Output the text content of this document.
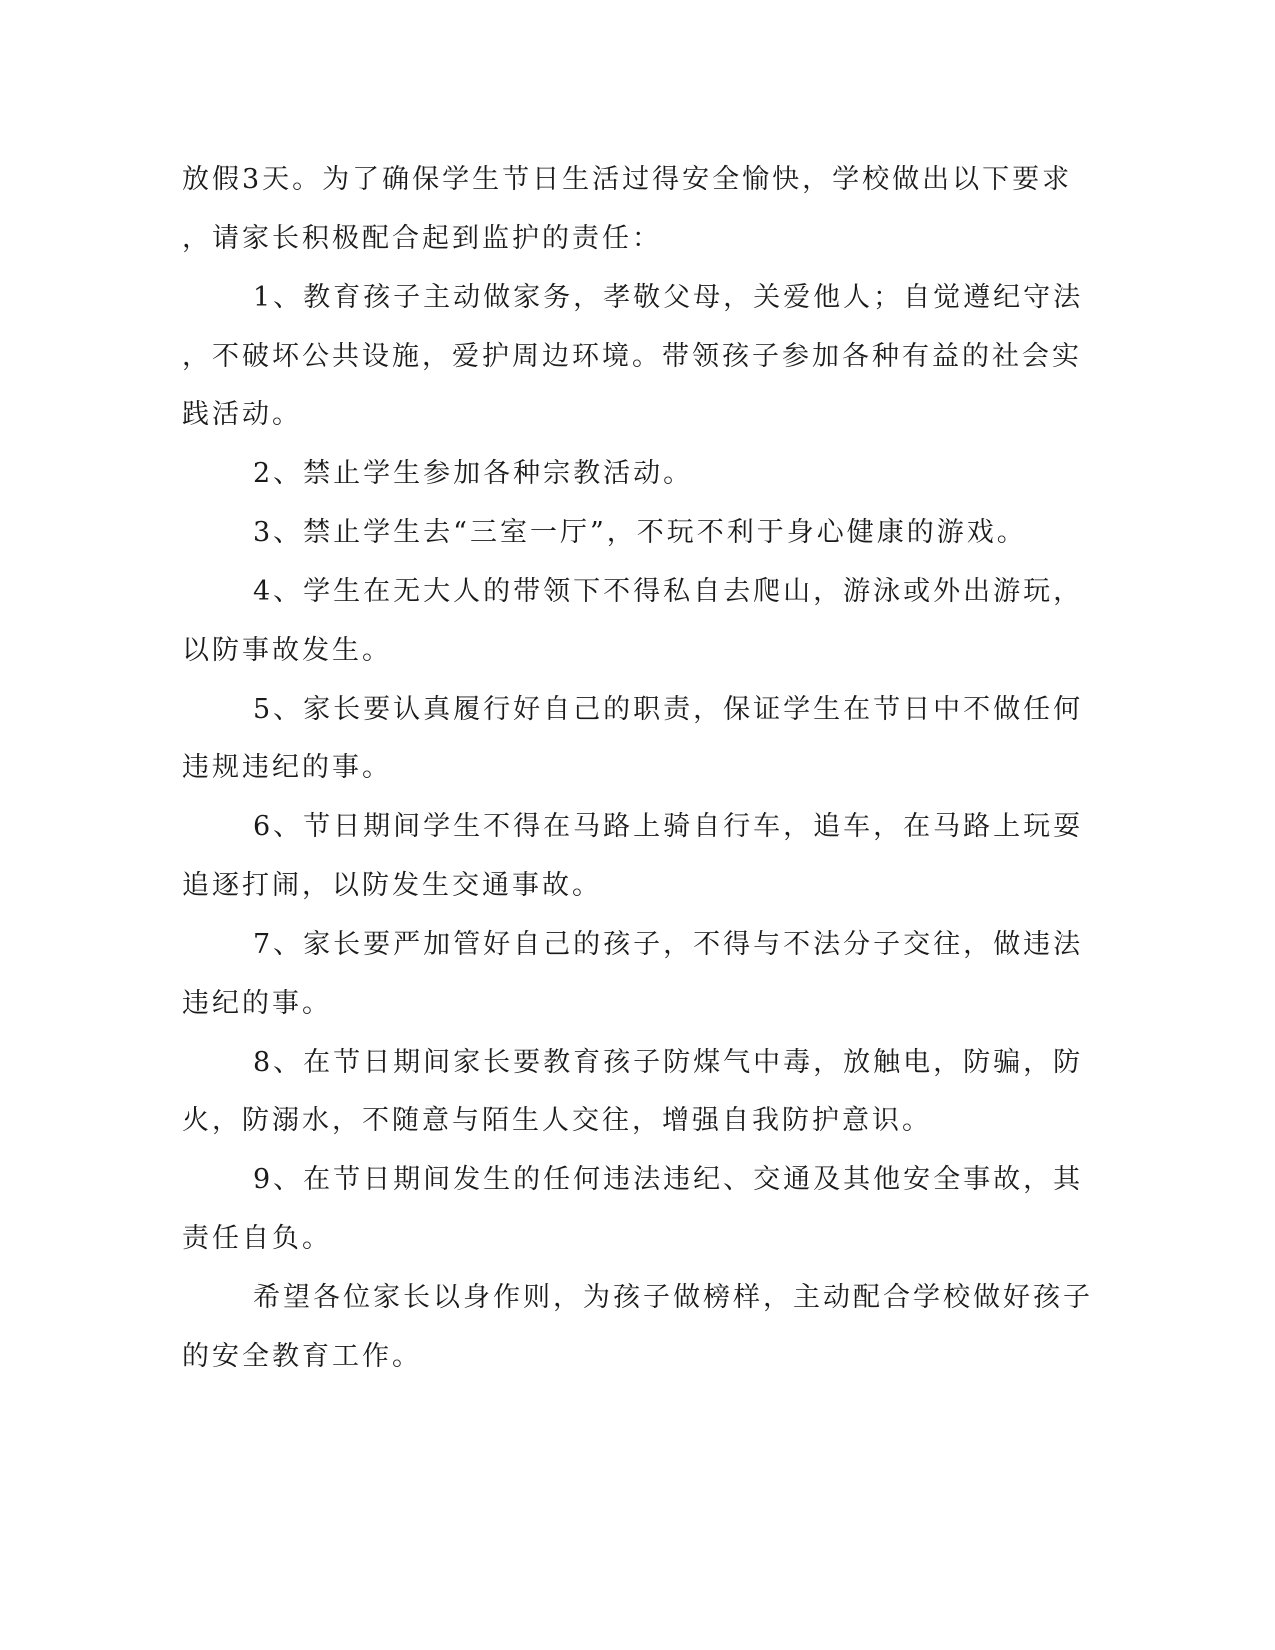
放假3天。为了确保学生节日生活过得安全愉快，学校做出以下要求
，请家长积极配合起到监护的责任：
1、教育孩子主动做家务，孝敬父母，关爱他人；自觉遵纪守法
，不破坏公共设施，爱护周边环境。带领孩子参加各种有益的社会实
践活动。
2、禁止学生参加各种宗教活动。
3、禁止学生去“三室一厅”，不玩不利于身心健康的游戏。
4、学生在无大人的带领下不得私自去爬山，游泳或外出游玩，
以防事故发生。
5、家长要认真履行好自己的职责，保证学生在节日中不做任何
违规违纪的事。
6、节日期间学生不得在马路上骑自行车，追车，在马路上玩耍
追逐打闹，以防发生交通事故。
7、家长要严加管好自己的孩子，不得与不法分子交往，做违法
违纪的事。
8、在节日期间家长要教育孩子防煤气中毒，放触电，防骗，防
火，防溺水，不随意与陌生人交往，增强自我防护意识。
9、在节日期间发生的任何违法违纪、交通及其他安全事故，其
责任自负。
希望各位家长以身作则，为孩子做榜样，主动配合学校做好孩子
的安全教育工作。
